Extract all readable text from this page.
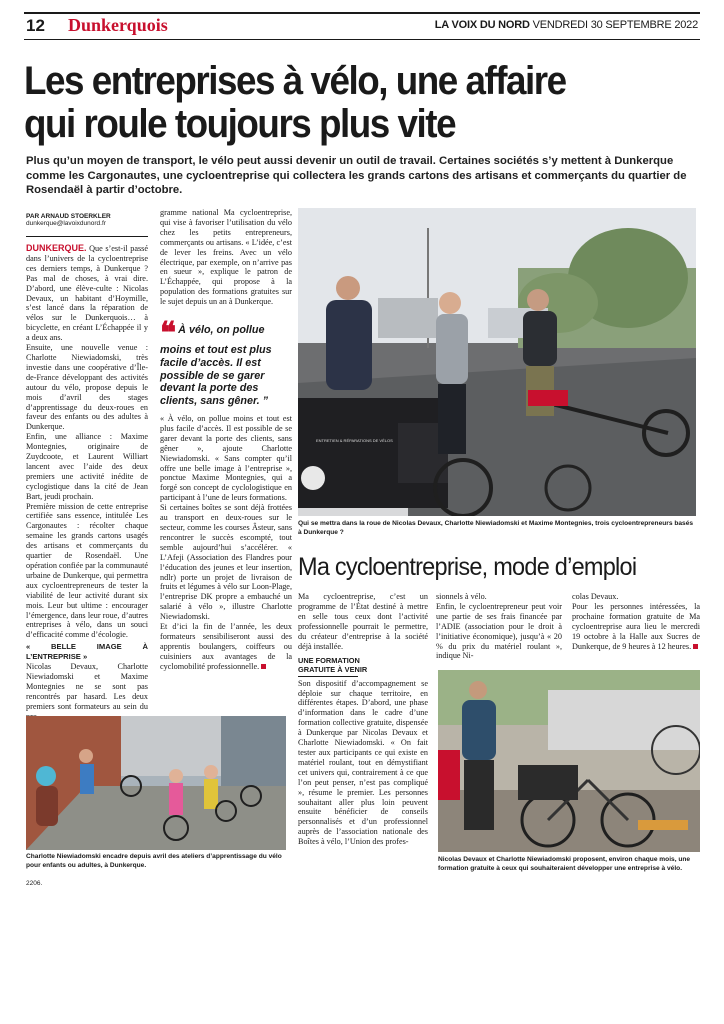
12 Dunkerquois	LA VOIX DU NORD VENDREDI 30 SEPTEMBRE 2022
Les entreprises à vélo, une affaire
qui roule toujours plus vite
Plus qu’un moyen de transport, le vélo peut aussi devenir un outil de travail. Certaines sociétés s’y mettent à Dunkerque comme les Cargonautes, une cycloentreprise qui collectera les grands cartons des artisans et commerçants du quartier de Rosendaël à partir d’octobre.
PAR ARNAUD STOERKLER
dunkerque@lavoixdunord.fr

DUNKERQUE. Que s’est-il passé dans l’univers de la cycloentreprise ces derniers temps, à Dunkerque ? Pas mal de choses, à vrai dire. D’abord, une élève-culte : Nicolas Devaux, un habitant d’Hoymille, s’est lancé dans la réparation de vélos sur le Dunkerquois… à bicyclette, en créant L’Échappée il y a deux ans.

Ensuite, une nouvelle venue : Charlotte Niewiadomski, très investie dans une coopérative d’Île-de-France développant des activités autour du vélo, propose depuis le mois d’avril des stages d’apprentissage du deux-roues en faveur des enfants ou des adultes à Dunkerque.

Enfin, une alliance : Maxime Montegnies, originaire de Zuydcoote, et Laurent Williart lancent avec l’aide des deux premiers une activité inédite de cyclogistique dans la cité de Jean Bart, jeudi prochain.

Première mission de cette entreprise certifiée sans essence, intitulée Les Cargonautes : récolter chaque semaine les grands cartons usagés des artisans et commerçants du quartier de Rosendaël. Une opération confiée par la communauté urbaine de Dunkerque, qui permettra aux cycloentrepreneurs de tester la viabilité de leur activité durant six mois. Leur but ultime : encourager l’émergence, dans leur roue, d’autres entreprises à vélo, dans un souci d’efficacité comme d’écologie.

« BELLE IMAGE À L’ENTREPRISE »

Nicolas Devaux, Charlotte Niewiadomski et Maxime Montegnies ne se sont pas rencontrés par hasard. Les deux premiers sont formateurs au sein du

gramme national Ma cycloentreprise, qui vise à favoriser l’utilisation du vélo chez les petits entrepreneurs, commerçants ou artisans. « L’idée, c’est de lever les freins. Avec un vélo électrique, par exemple, on n’arrive pas en sueur », explique le patron de L’Échappée, qui propose à la population des formations gratuites sur le sujet depuis un an à Dunkerque.

❝ À vélo, on pollue moins et tout est plus facile d’accès. Il est possible de se garer devant la porte des clients, sans gêner. ”

« À vélo, on pollue moins et tout est plus facile d’accès. Il est possible de se garer devant la porte des clients, sans gêner », ajoute Charlotte Niewiadomski. « Sans compter qu’il offre une belle image à l’entreprise », ponctue Maxime Montegnies, qui a forgé son concept de cyclologistique en participant à l’une de leurs formations.

Si certaines boîtes se sont déjà frottées au transport en deux-roues sur le secteur, comme les courses Âsteur, sans rencontrer le succès escompté, tout semble aujourd’hui s’accélérer. « L’Afeji (Association des Flandres pour l’éducation des jeunes et leur insertion, ndlr) porte un projet de livraison de fruits et légumes à vélo sur Loon-Plage, l’entreprise DK propre a embauché un salarié à vélo », illustre Charlotte Niewiadomski.

Et d’ici la fin de l’année, les deux formateurs sensibiliseront aussi des apprentis boulangers, coiffeurs ou cuisiniers aux avantages de la cyclomobilité professionnelle.

ENTRETIEN & RÉPARATIONS DE VÉLOS
Qui se mettra dans la roue de Nicolas Devaux, Charlotte Niewiadomski et Maxime Montegnies, trois cycloentrepreneurs basés à Dunkerque ?
Ma cycloentreprise, mode d’emploi

Ma cycloentreprise, c’est un programme de l’État destiné à mettre en selle tous ceux dont l’activité professionnelle pourrait le permettre, du créateur d’entreprise à la société déjà installée.

UNE FORMATION
GRATUITE À VENIR

Son dispositif d’accompagnement se déploie sur chaque territoire, en différentes étapes. D’abord, une phase d’information dans le cadre d’une formation collective gratuite, dispensée à Dunkerque par Nicolas Devaux et Charlotte Niewiadomski. « On fait tester aux participants ce qui existe en matériel roulant, tout en démystifiant cet univers qui, contrairement à ce que l’on peut penser, n’est pas compliqué », résume le premier. Les personnes souhaitant aller plus loin peuvent ensuite bénéficier de conseils personnalisés et d’un professionnel auprès de l’association nationale des Boîtes à vélo, l’Union des profes-

sionnels à vélo.

Enfin, le cycloentrepreneur peut voir une partie de ses frais financée par l’ADIE (association pour le droit à l’initiative économique), jusqu’à « 20 % du prix du matériel roulant », indique Ni-

colas Devaux.

Pour les personnes intéressées, la prochaine formation gratuite de Ma cycloentreprise aura lieu le mercredi 19 octobre à la Halle aux Sucres de Dunkerque, de 9 heures à 12 heures.

Nicolas Devaux et Charlotte Niewiadomski proposent, environ chaque mois, une formation gratuite à ceux qui souhaiteraient développer une entreprise à vélo.
Charlotte Niewiadomski encadre depuis avril des ateliers d’apprentissage du vélo pour enfants ou adultes, à Dunkerque.
2206.
